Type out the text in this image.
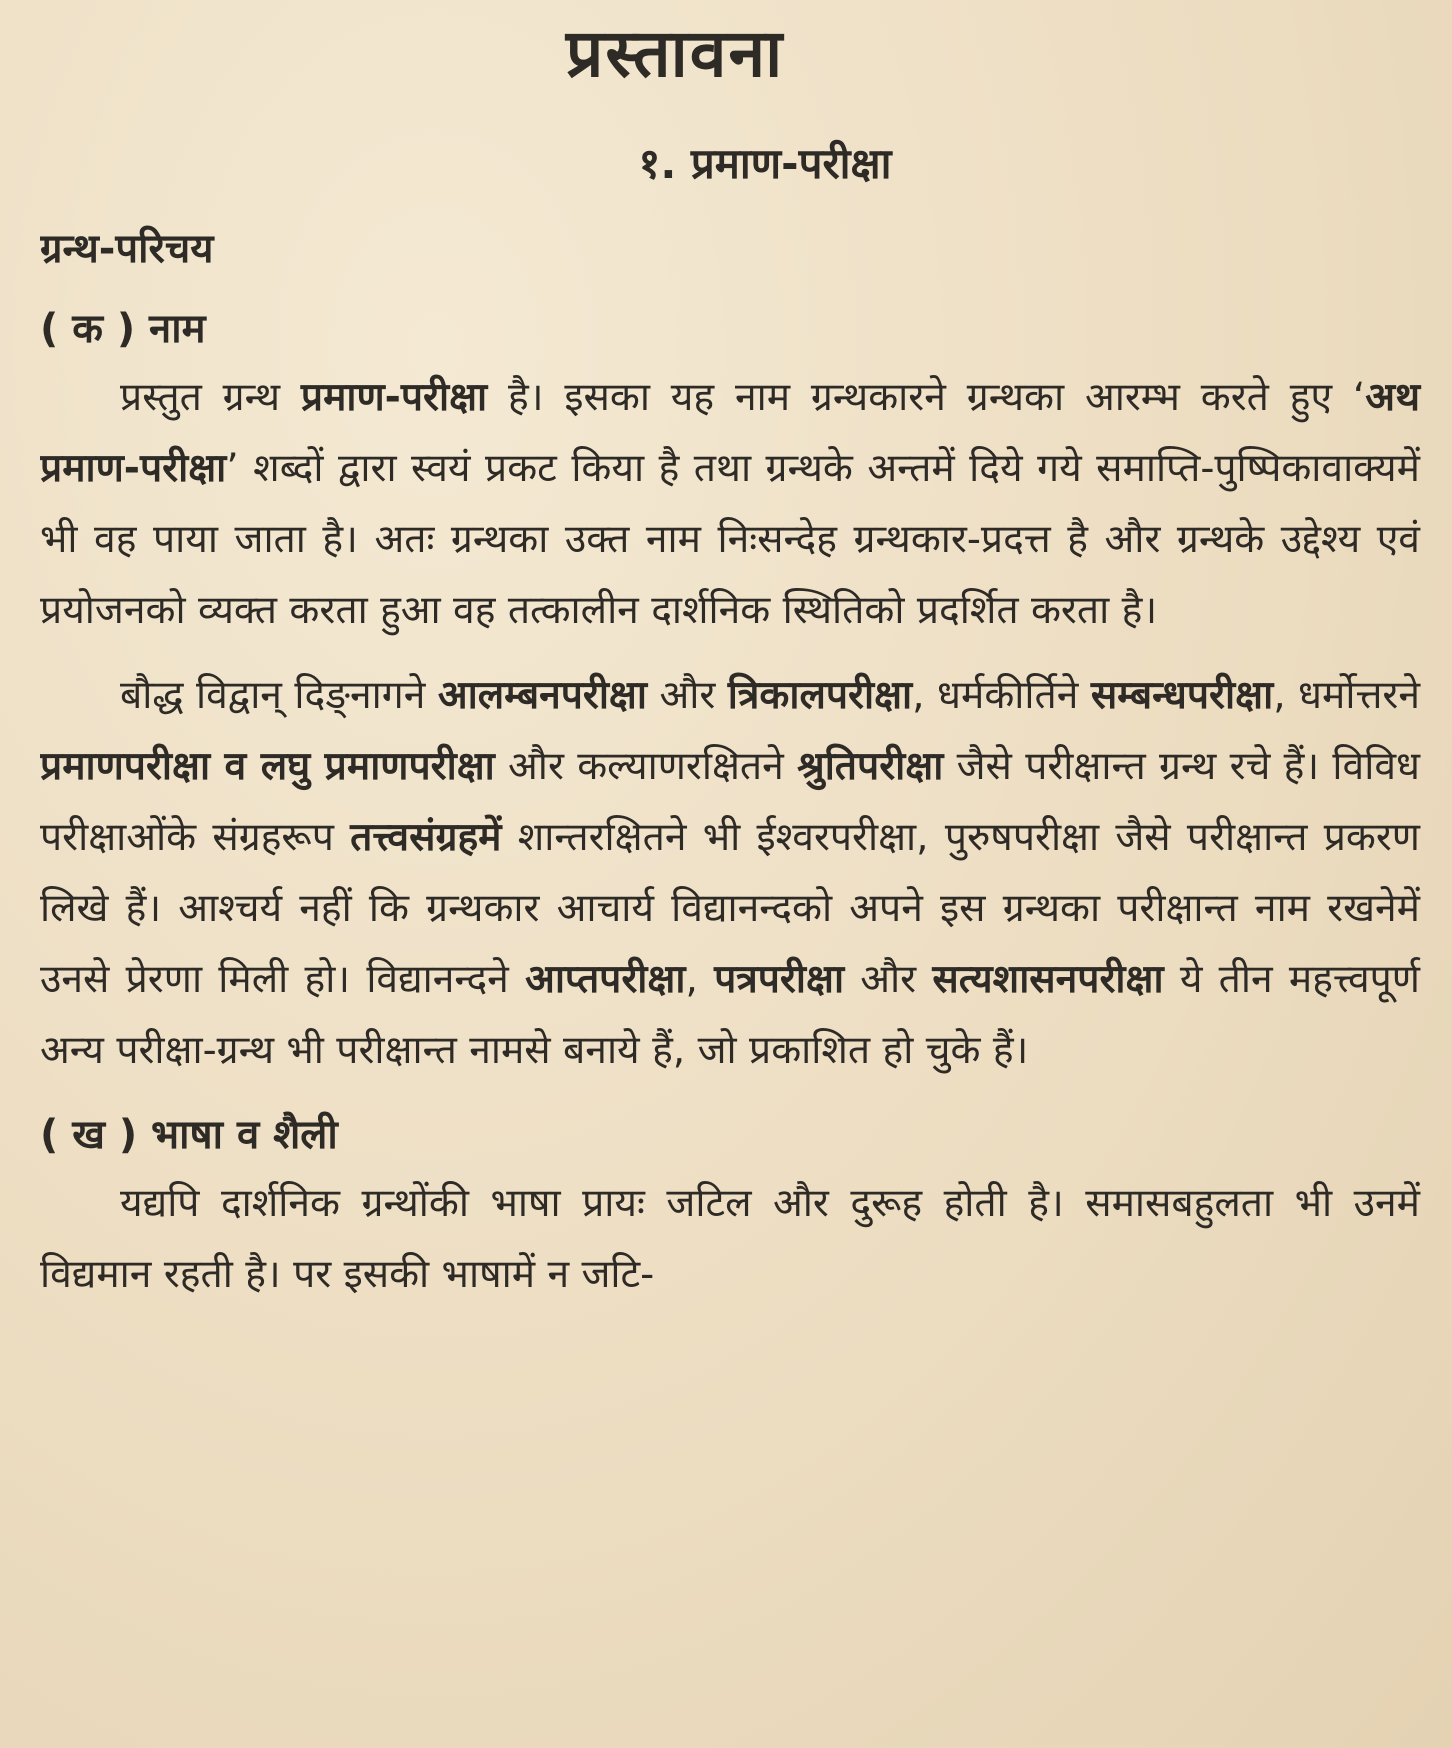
प्रस्तावना
१. प्रमाण-परीक्षा
ग्रन्थ-परिचय
( क ) नाम

प्रस्तुत ग्रन्थ प्रमाण-परीक्षा है। इसका यह नाम ग्रन्थकारने ग्रन्थका आरम्भ करते हुए ‘अथ प्रमाण-परीक्षा’ शब्दों द्वारा स्वयं प्रकट किया है तथा ग्रन्थके अन्तमें दिये गये समाप्ति-पुष्पिकावाक्यमें भी वह पाया जाता है। अतः ग्रन्थका उक्त नाम निःसन्देह ग्रन्थकार-प्रदत्त है और ग्रन्थके उद्देश्य एवं प्रयोजनको व्यक्त करता हुआ वह तत्कालीन दार्शनिक स्थितिको प्रदर्शित करता है।

बौद्ध विद्वान् दिङ्नागने आलम्बनपरीक्षा और त्रिकालपरीक्षा, धर्मकीर्तिने सम्बन्धपरीक्षा, धर्मोत्तरने प्रमाणपरीक्षा व लघु प्रमाणपरीक्षा और कल्याणरक्षितने श्रुतिपरीक्षा जैसे परीक्षान्त ग्रन्थ रचे हैं। विविध परीक्षाओंके संग्रहरूप तत्त्वसंग्रहमें शान्तरक्षितने भी ईश्वरपरीक्षा, पुरुषपरीक्षा जैसे परीक्षान्त प्रकरण लिखे हैं। आश्चर्य नहीं कि ग्रन्थकार आचार्य विद्यानन्दको अपने इस ग्रन्थका परीक्षान्त नाम रखनेमें उनसे प्रेरणा मिली हो। विद्यानन्दने आप्तपरीक्षा, पत्रपरीक्षा और सत्यशासनपरीक्षा ये तीन महत्त्वपूर्ण अन्य परीक्षा-ग्रन्थ भी परीक्षान्त नामसे बनाये हैं, जो प्रकाशित हो चुके हैं।

( ख ) भाषा व शैली

यद्यपि दार्शनिक ग्रन्थोंकी भाषा प्रायः जटिल और दुरूह होती है। समासबहुलता भी उनमें विद्यमान रहती है। पर इसकी भाषामें न जटि-
